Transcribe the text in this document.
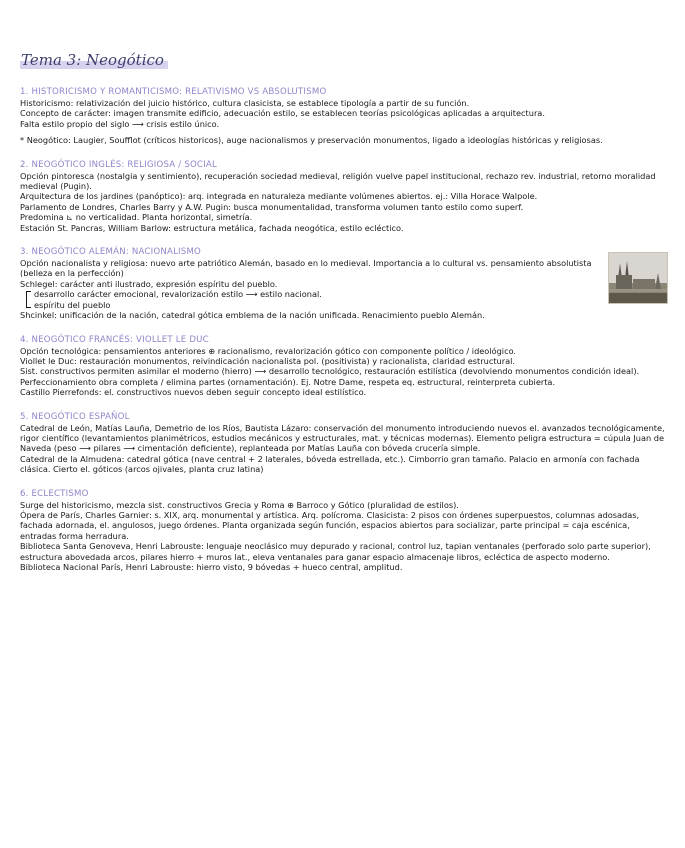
Tema 3: Neogótico
1. HISTORICISMO Y ROMANTICISMO: RELATIVISMO VS ABSOLUTISMO

Historicismo: relativización del juicio histórico, cultura clasicista, se establece tipología a partir de su función.

Concepto de carácter: imagen transmite edificio, adecuación estilo, se establecen teorías psicológicas aplicadas a arquitectura.

Falta estilo propio del siglo ⟶ crisis estilo único.

* Neogótico: Laugier, Soufflot (críticos historicos), auge nacionalismos y preservación monumentos, ligado a ideologías históricas y religiosas.

2. NEOGÓTICO INGLÉS: RELIGIOSA / SOCIAL

Opción pintoresca (nostalgia y sentimiento), recuperación sociedad medieval, religión vuelve papel institucional, rechazo rev. industrial, retorno moralidad medieval (Pugin).

Arquitectura de los jardines (panóptico): arq. integrada en naturaleza mediante volúmenes abiertos. ej.: Villa Horace Walpole.

Parlamento de Londres, Charles Barry y A.W. Pugin: busca monumentalidad, transforma volumen tanto estilo como superf.

Predomina ⊾ no verticalidad. Planta horizontal, simetría.

Estación St. Pancras, William Barlow: estructura metálica, fachada neogótica, estilo ecléctico.

3. NEOGÓTICO ALEMÁN: NACIONALISMO

Opción nacionalista y religiosa: nuevo arte patriótico Alemán, basado en lo medieval. Importancia a lo cultural vs. pensamiento absolutista (belleza en la perfección)

Schlegel: carácter anti ilustrado, expresión espíritu del pueblo.

desarrollo carácter emocional, revalorización estilo ⟶ estilo nacional.

espíritu del pueblo

Shcinkel: unificación de la nación, catedral gótica emblema de la nación unificada. Renacimiento pueblo Alemán.

4. NEOGÓTICO FRANCÉS: VIOLLET LE DUC

Opción tecnológica: pensamientos anteriores ⊕ racionalismo, revalorización gótico con componente político / ideológico.

Viollet le Duc: restauración monumentos, reivindicación nacionalista pol. (positivista) y racionalista, claridad estructural.

Sist. constructivos permiten asimilar el moderno (hierro) ⟶ desarrollo tecnológico, restauración estilística (devolviendo monumentos condición ideal). Perfeccionamiento obra completa / elimina partes (ornamentación). Ej. Notre Dame, respeta eq. estructural, reinterpreta cubierta.

Castillo Pierrefonds: el. constructivos nuevos deben seguir concepto ideal estilístico.

5. NEOGÓTICO ESPAÑOL

Catedral de León, Matías Lauña, Demetrio de los Ríos, Bautista Lázaro: conservación del monumento introduciendo nuevos el. avanzados tecnológicamente, rigor científico (levantamientos planimétricos, estudios mecánicos y estructurales, mat. y técnicas modernas). Elemento peligra estructura = cúpula Juan de Naveda (peso ⟶ pilares ⟶ cimentación deficiente), replanteada por Matías Lauña con bóveda crucería simple.

Catedral de la Almudena: catedral gótica (nave central + 2 laterales, bóveda estrellada, etc.). Cimborrio gran tamaño. Palacio en armonía con fachada clásica. Cierto el. góticos (arcos ojivales, planta cruz latina)

6. ECLECTISMO

Surge del historicismo, mezcla sist. constructivos Grecia y Roma ⊕ Barroco y Gótico (pluralidad de estilos).

Ópera de París, Charles Garnier: s. XIX, arq. monumental y artística. Arq. polícroma. Clasicista: 2 pisos con órdenes superpuestos, columnas adosadas, fachada adornada, el. angulosos, juego órdenes. Planta organizada según función, espacios abiertos para socializar, parte principal = caja escénica, entradas forma herradura.

Biblioteca Santa Genoveva, Henri Labrouste: lenguaje neoclásico muy depurado y racional, control luz, tapian ventanales (perforado solo parte superior), estructura abovedada arcos, pilares hierro + muros lat., eleva ventanales para ganar espacio almacenaje libros, ecléctica de aspecto moderno.

Biblioteca Nacional París, Henri Labrouste: hierro visto, 9 bóvedas + hueco central, amplitud.
